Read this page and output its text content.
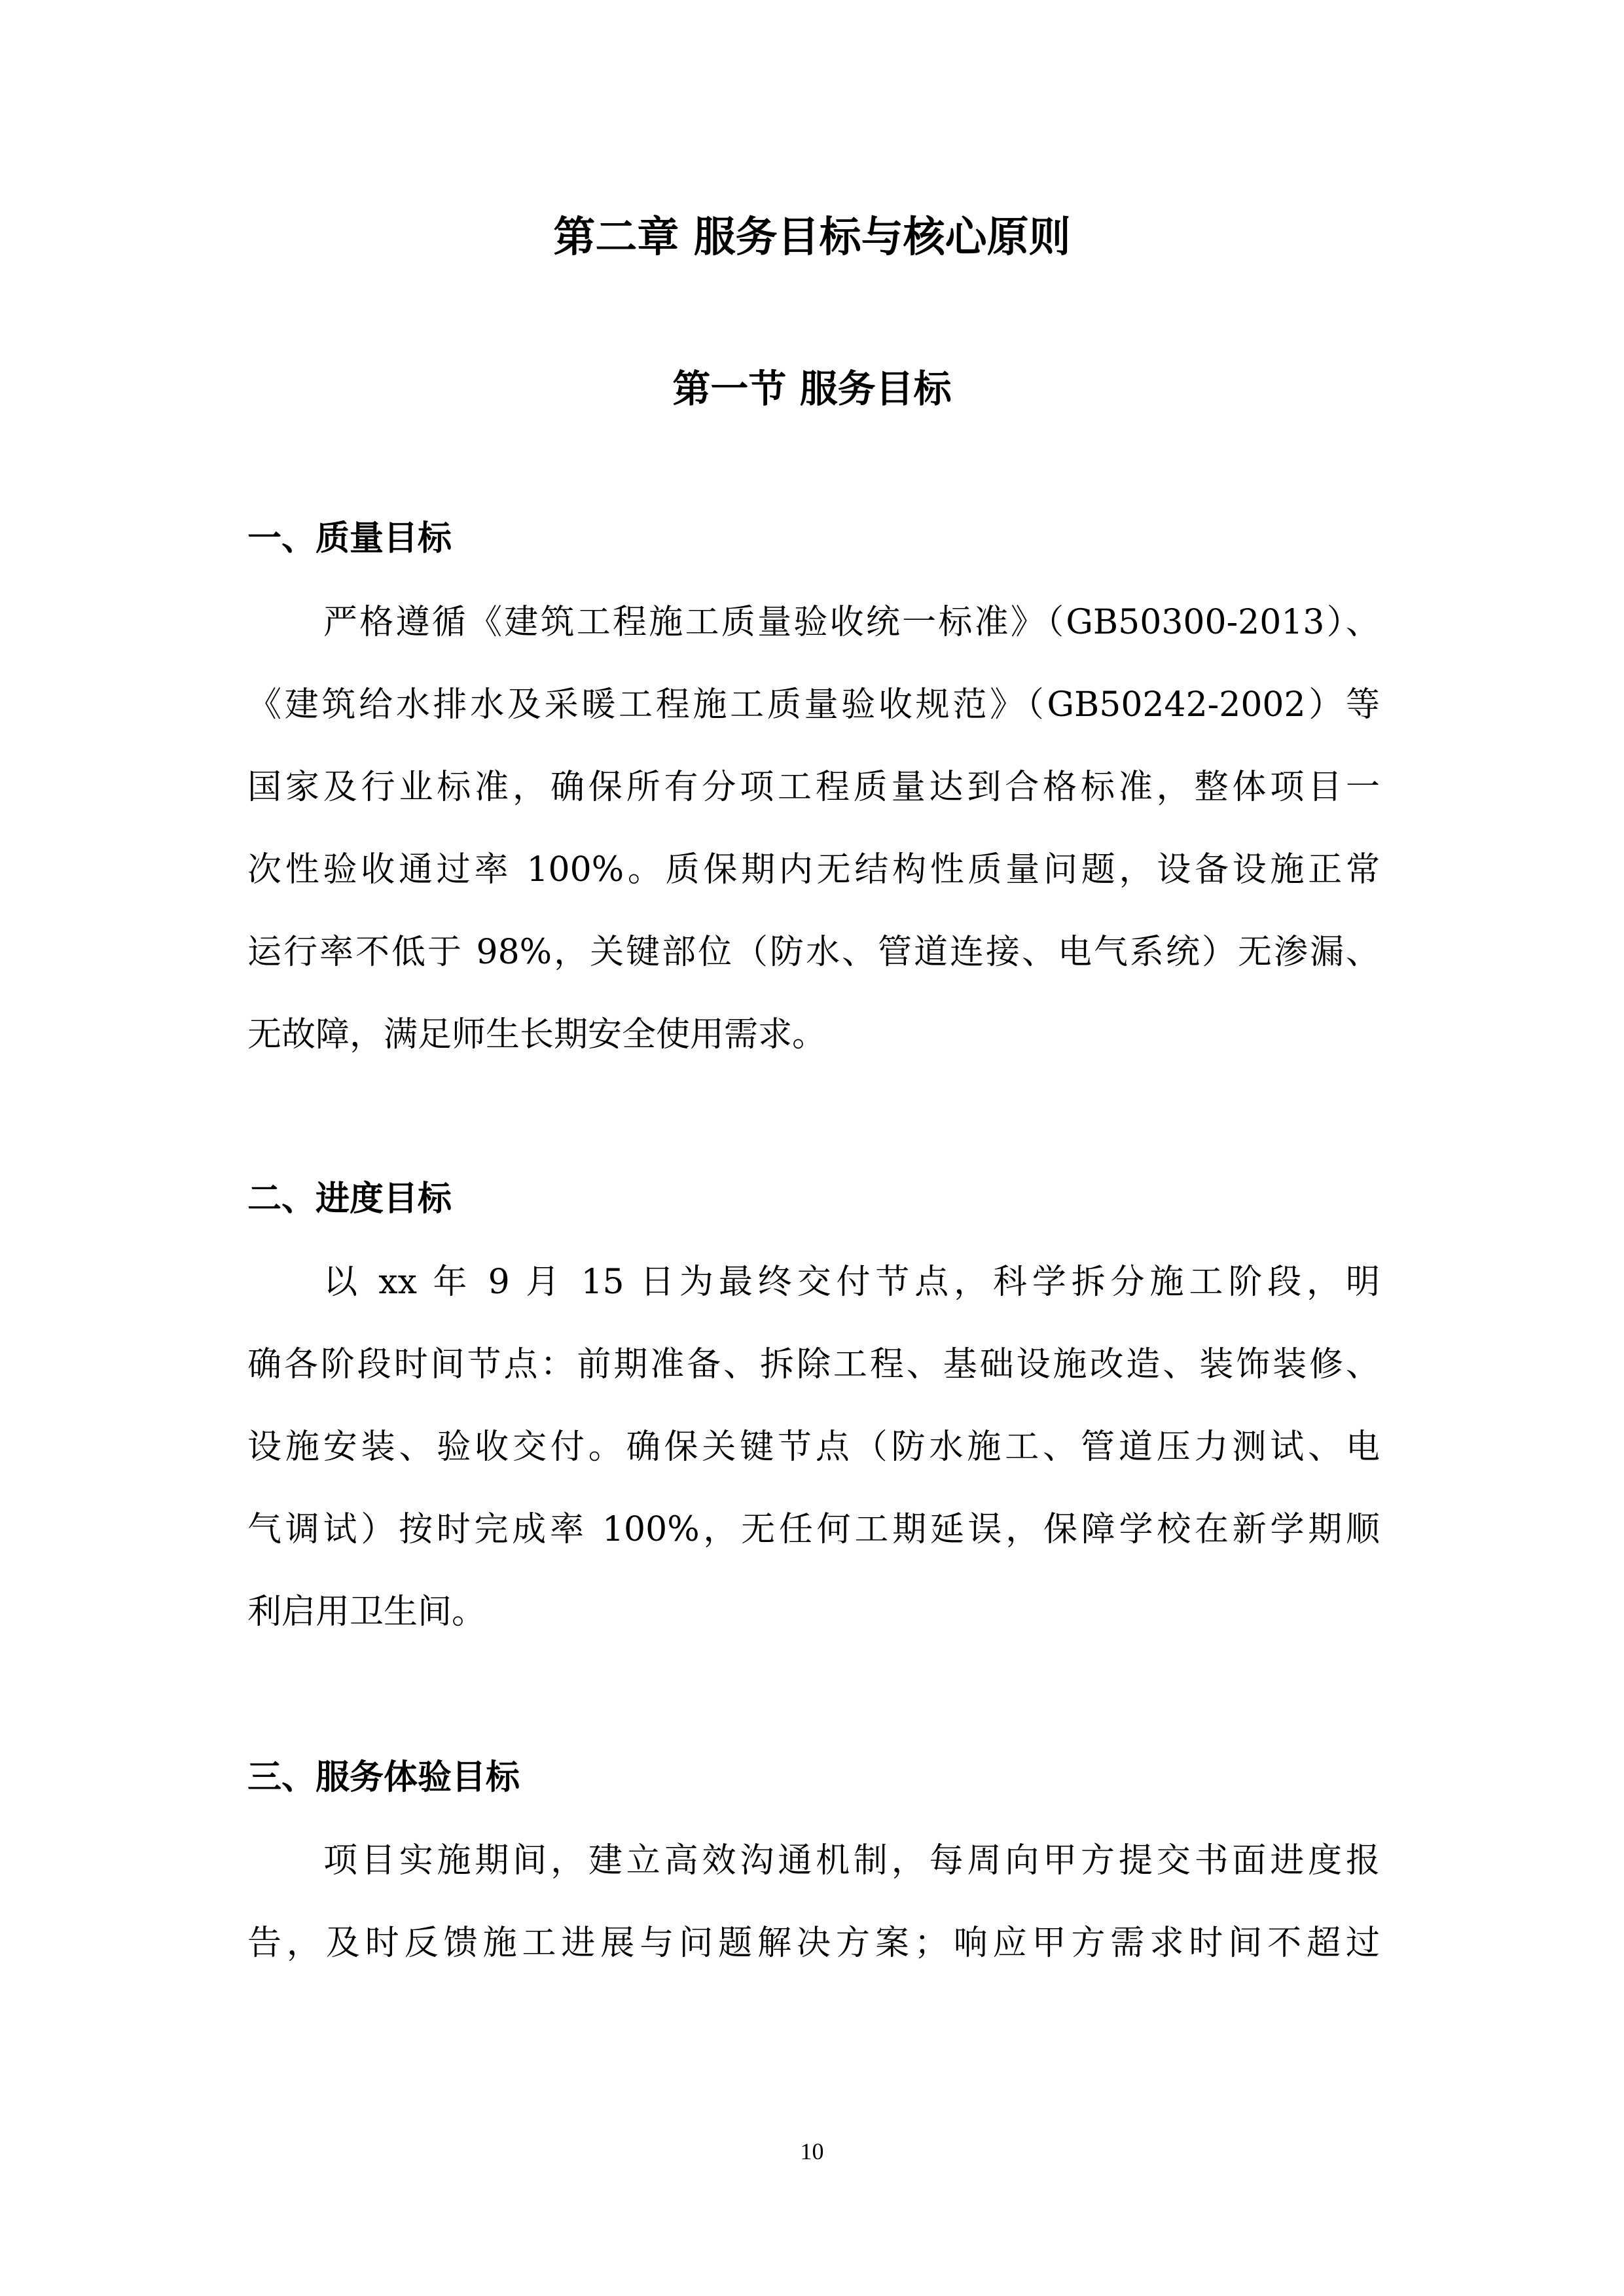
第二章 服务目标与核心原则
第一节 服务目标
一、质量目标
严格遵循《建筑工程施工质量验收统一标准》（GB50300-2013）、
《建筑给水排水及采暖工程施工质量验收规范》（GB50242-2002）等
国家及行业标准，确保所有分项工程质量达到合格标准，整体项目一
次性验收通过率 100%。质保期内无结构性质量问题，设备设施正常
运行率不低于 98%，关键部位（防水、管道连接、电气系统）无渗漏、
无故障，满足师生长期安全使用需求。
二、进度目标
以 xx 年 9 月 15 日为最终交付节点，科学拆分施工阶段，明
确各阶段时间节点：前期准备、拆除工程、基础设施改造、装饰装修、
设施安装、验收交付。确保关键节点（防水施工、管道压力测试、电
气调试）按时完成率 100%，无任何工期延误，保障学校在新学期顺
利启用卫生间。
三、服务体验目标
项目实施期间，建立高效沟通机制，每周向甲方提交书面进度报
告，及时反馈施工进展与问题解决方案；响应甲方需求时间不超过
10
